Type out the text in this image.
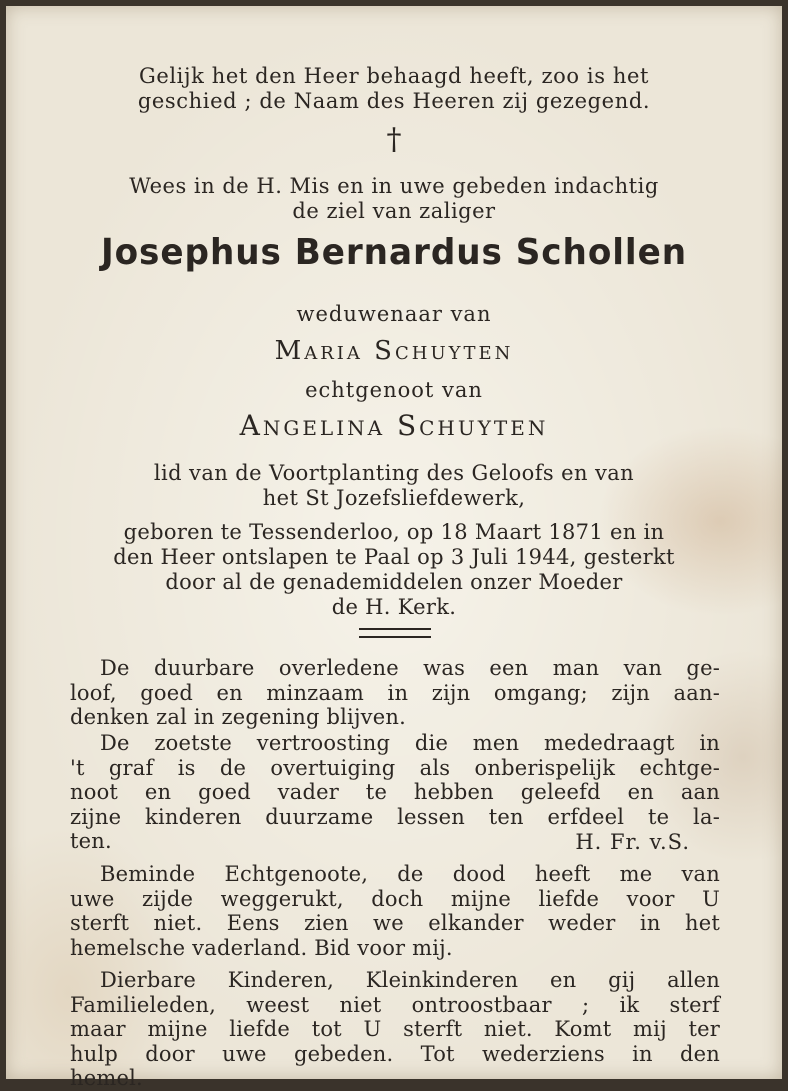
Gelijk het den Heer behaagd heeft, zoo is het
geschied ; de Naam des Heeren zij gezegend.
†
Wees in de H. Mis en in uwe gebeden indachtig
de ziel van zaliger
Josephus Bernardus Schollen
weduwenaar van
Maria Schuyten
echtgenoot van
Angelina Schuyten
lid van de Voortplanting des Geloofs en van
het St Jozefsliefdewerk,
geboren te Tessenderloo, op 18 Maart 1871 en in
den Heer ontslapen te Paal op 3 Juli 1944, gesterkt
door al de genademiddelen onzer Moeder
de H. Kerk.
De duurbare overledene was een man van ge-
loof, goed en minzaam in zijn omgang; zijn aan-
denken zal in zegening blijven.
De zoetste vertroosting die men mededraagt in
't graf is de overtuiging als onberispelijk echtge-
noot en goed vader te hebben geleefd en aan
zijne kinderen duurzame lessen ten erfdeel te la-
ten.	H. Fr. v.S.
Beminde Echtgenoote, de dood heeft me van
uwe zijde weggerukt, doch mijne liefde voor U
sterft niet. Eens zien we elkander weder in het
hemelsche vaderland. Bid voor mij.
Dierbare Kinderen, Kleinkinderen en gij allen
Familieleden, weest niet ontroostbaar ; ik sterf
maar mijne liefde tot U sterft niet. Komt mij ter
hulp door uwe gebeden. Tot wederziens in den
hemel.
